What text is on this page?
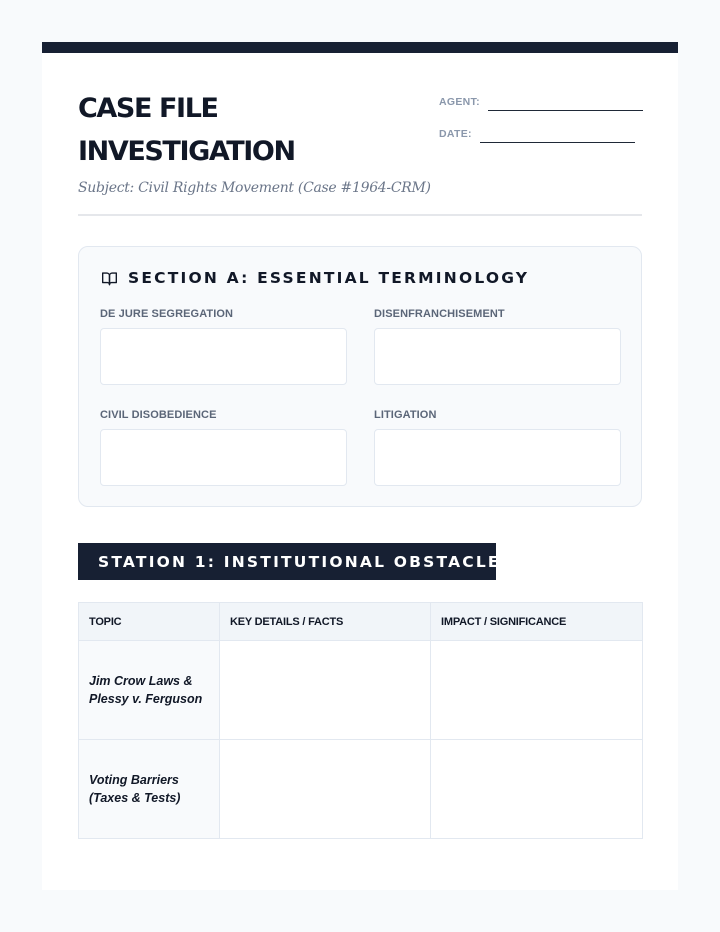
CASE FILE
INVESTIGATION
AGENT:
DATE:

Subject: Civil Rights Movement (Case #1964-CRM)

SECTION A: ESSENTIAL TERMINOLOGY
DE JURE SEGREGATION	DISENFRANCHISEMENT
CIVIL DISOBEDIENCE	LITIGATION
STATION 1: INSTITUTIONAL OBSTACLES
TOPIC	KEY DETAILS / FACTS	IMPACT / SIGNIFICANCE

Jim Crow Laws &
Plessy v. Ferguson		

Voting Barriers
(Taxes & Tests)		
